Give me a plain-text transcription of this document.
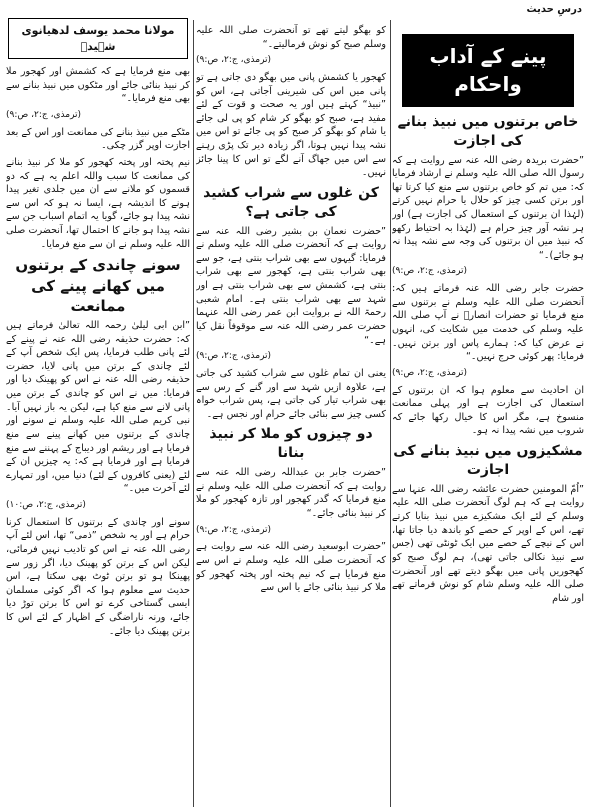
درسِ حدیث
پینے کے آداب واحکام
خاص برتنوں میں نبیذ بنانے کی اجازت

”حضرت بریدہ رضی اللہ عنہ سے روایت ہے کہ رسول اللہ صلی اللہ علیہ وسلم نے ارشاد فرمایا کہ: میں تم کو خاص برتنوں سے منع کیا کرتا تھا اور برتن کسی چیز کو حلال یا حرام نہیں کرتے (لہٰذا ان برتنوں کے استعمال کی اجازت ہے) اور ہر نشہ آور چیز حرام ہے (لہٰذا بہ احتیاط رکھو کہ نبیذ میں ان برتنوں کی وجہ سے نشہ پیدا نہ ہو جائے)۔“

(ترمذی، ج:۲، ص:۹)

حضرت جابر رضی اللہ عنہ فرماتے ہیں کہ: آنحضرت صلی اللہ علیہ وسلم نے برتنوں سے منع فرمایا تو حضرات انصارؓ نے آپ صلی اللہ علیہ وسلم کی خدمت میں شکایت کی، انہوں نے عرض کیا کہ: ہمارے پاس اور برتن نہیں۔ فرمایا: پھر کوئی حرج نہیں۔“

(ترمذی، ج:۲، ص:۹)

ان احادیث سے معلوم ہوا کہ ان برتنوں کے استعمال کی اجازت ہے اور پہلی ممانعت منسوخ ہے، مگر اس کا خیال رکھا جائے کہ شروب میں نشہ پیدا نہ ہو۔

مشکیزوں میں نبیذ بنانے کی اجازت

”اُمّ المومنین حضرت عائشہ رضی اللہ عنہا سے روایت ہے کہ ہم لوگ آنحضرت صلی اللہ علیہ وسلم کے لئے ایک مشکیزے میں نبیذ بنایا کرتے تھے، اس کے اوپر کے حصے کو باندھ دیا جاتا تھا، اس کے نیچے کے حصے میں ایک ٹونٹی تھی (جس سے نبیذ نکالی جاتی تھی)، ہم لوگ صبح کو کھجوریں پانی میں بھگو دیتے تھے اور آنحضرت صلی اللہ علیہ وسلم شام کو نوش فرماتے تھے اور شام

کو بھگو لیتے تھے تو آنحضرت صلی اللہ علیہ وسلم صبح کو نوش فرمالیتے۔“

(ترمذی، ج:۲، ص:۹)

کھجور یا کشمش پانی میں بھگو دی جاتی ہے تو پانی میں اس کی شیرینی آجاتی ہے، اس کو ”نبیذ“ کہتے ہیں اور یہ صحت و قوت کے لئے مفید ہے، صبح کو بھگو کر شام کو پی لی جائے یا شام کو بھگو کر صبح کو پی جائے تو اس میں نشہ پیدا نہیں ہوتا، اگر زیادہ دیر تک پڑی رہنے سے اس میں جھاگ آنے لگے تو اس کا پینا جائز نہیں۔

کن غلوں سے شراب کشید کی جاتی ہے؟

”حضرت نعمان بن بشیر رضی اللہ عنہ سے روایت ہے کہ آنحضرت صلی اللہ علیہ وسلم نے فرمایا: گیہوں سے بھی شراب بنتی ہے، جو سے بھی شراب بنتی ہے، کھجور سے بھی شراب بنتی ہے، کشمش سے بھی شراب بنتی ہے اور شہد سے بھی شراب بنتی ہے۔ امام شعبی رحمۃ اللہ نے بروایت ابن عمر رضی اللہ عنہما حضرت عمر رضی اللہ عنہ سے موقوفاً نقل کیا ہے۔“

(ترمذی، ج:۲، ص:۹)

یعنی ان تمام غلوں سے شراب کشید کی جاتی ہے، علاوہ ازیں شہد سے اور گنے کے رس سے بھی شراب تیار کی جاتی ہے، پس شراب خواہ کسی چیز سے بنائی جائے حرام اور نجس ہے۔

دو چیزوں کو ملا کر نبیذ بنانا

”حضرت جابر بن عبداللہ رضی اللہ عنہ سے روایت ہے کہ آنحضرت صلی اللہ علیہ وسلم نے منع فرمایا کہ گدر کھجور اور تازہ کھجور کو ملا کر نبیذ بنائی جائے۔“

(ترمذی، ج:۲، ص:۹)

”حضرت ابوسعید رضی اللہ عنہ سے روایت ہے کہ آنحضرت صلی اللہ علیہ وسلم نے اس سے منع فرمایا ہے کہ نیم پختہ اور پختہ کھجور کو ملا کر نبیذ بنائی جائے یا اس سے

مولانا محمد یوسف لدھیانوی شہیدؒ

بھی منع فرمایا ہے کہ کشمش اور کھجور ملا کر نبیذ بنائی جائے اور مٹکوں میں نبیذ بنانے سے بھی منع فرمایا۔“

(ترمذی، ج:۲، ص:۹)

مٹکے میں نبیذ بنانے کی ممانعت اور اس کے بعد اجازت اوپر گزر چکی۔

نیم پختہ اور پختہ کھجور کو ملا کر نبیذ بنانے کی ممانعت کا سبب واللہ اعلم یہ ہے کہ دو قسموں کو ملانے سے ان میں جلدی تغیر پیدا ہونے کا اندیشہ ہے، ایسا نہ ہو کہ اس سے نشہ پیدا ہو جائے، گویا یہ اتمام اسباب جن سے نشہ پیدا ہو جانے کا احتمال تھا، آنحضرت صلی اللہ علیہ وسلم نے ان سے منع فرمایا۔

سونے چاندی کے برتنوں میں کھانے پینے کی ممانعت

”ابن ابی لیلیٰ رحمہ اللہ تعالیٰ فرماتے ہیں کہ: حضرت حذیفہ رضی اللہ عنہ نے پینے کے لئے پانی طلب فرمایا، پس ایک شخص آپ کے لئے چاندی کے برتن میں پانی لایا، حضرت حذیفہ رضی اللہ عنہ نے اس کو پھینک دیا اور فرمایا: میں نے اس کو چاندی کے برتن میں پانی لانے سے منع کیا ہے، لیکن یہ باز نہیں آیا۔ نبی کریم صلی اللہ علیہ وسلم نے سونے اور چاندی کے برتنوں میں کھانے پینے سے منع فرمایا ہے اور ریشم اور دیباج کے پہننے سے منع فرمایا ہے اور فرمایا ہے کہ: یہ چیزیں ان کے لئے (یعنی کافروں کے لئے) دنیا میں، اور تمہارے لئے آخرت میں۔“

(ترمذی، ج:۲، ص:۱۰)

سونے اور چاندی کے برتنوں کا استعمال کرنا حرام ہے اور یہ شخص ”ذمی“ تھا، اس لئے آپ رضی اللہ عنہ نے اس کو تادیب نہیں فرمائی، لیکن اس کے برتن کو پھینک دیا، اگر زور سے پھینکا ہو تو برتن ٹوٹ بھی سکتا ہے، اس حدیث سے معلوم ہوا کہ اگر کوئی مسلمان ایسی گستاخی کرے تو اس کا برتن توڑ دیا جائے، ورنہ ناراضگی کے اظہار کے لئے اس کا برتن پھینک دیا جائے۔
